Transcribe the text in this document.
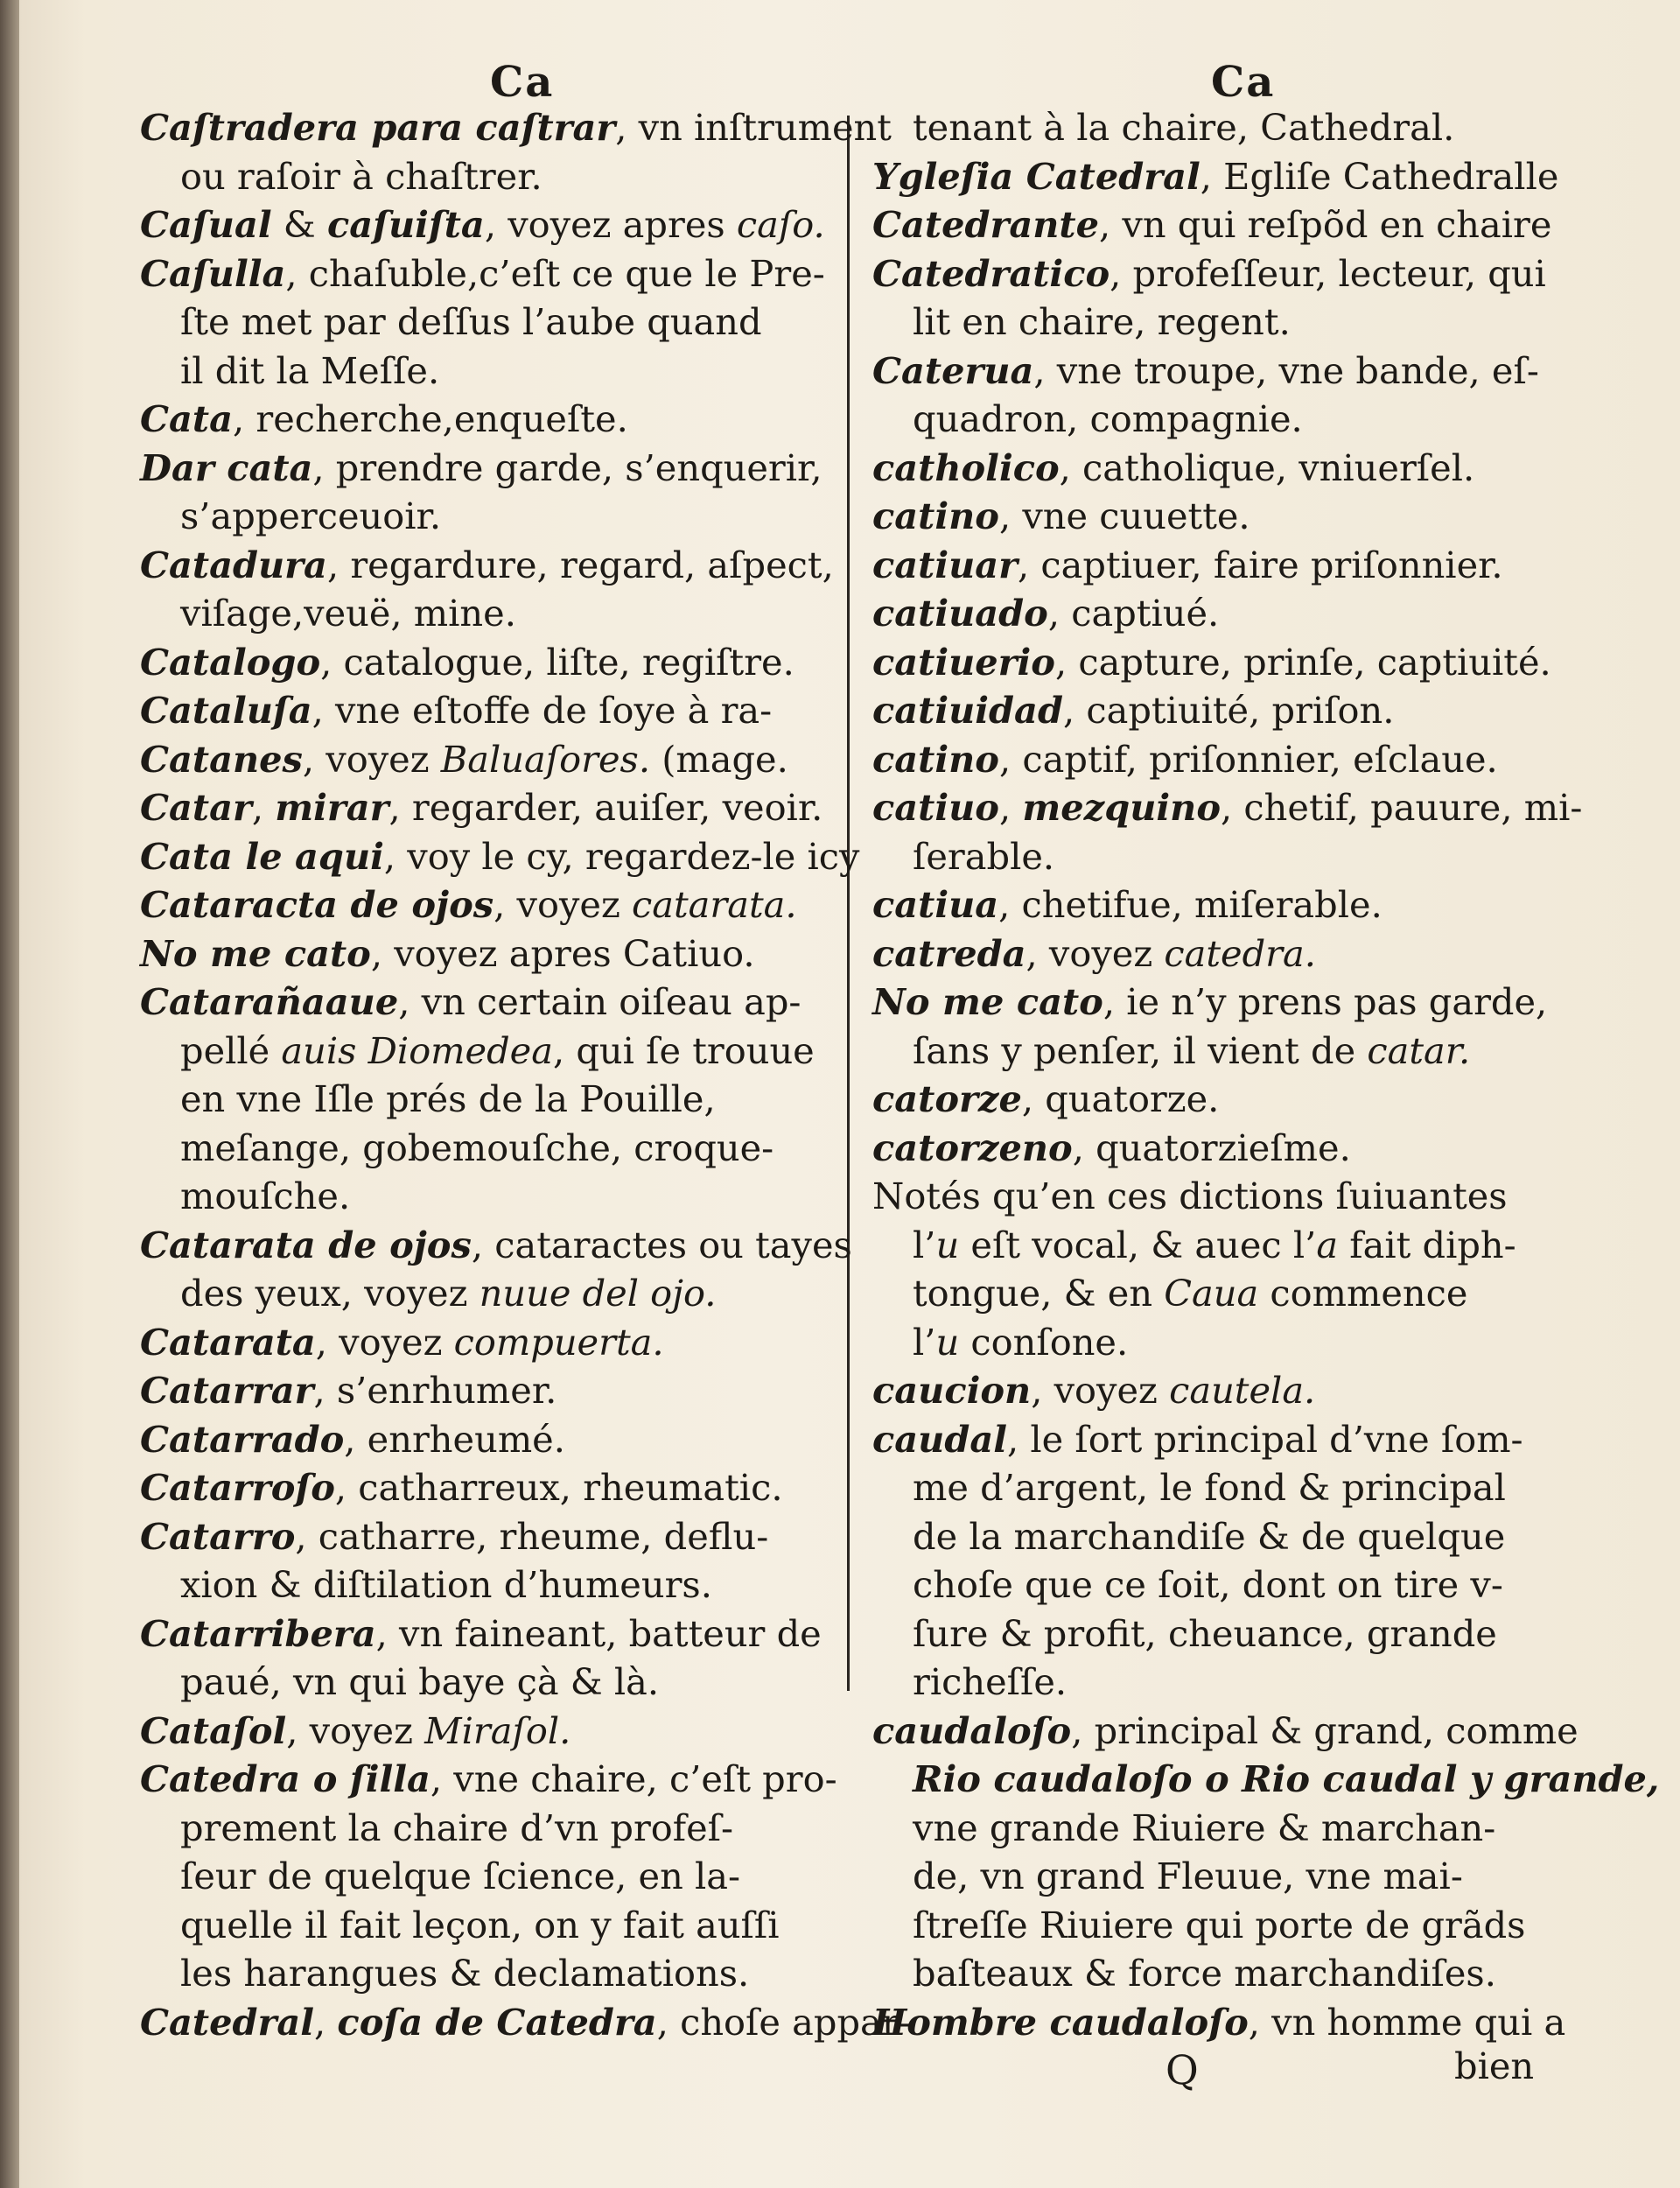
Ca	Ca

Caſtradera para caſtrar, vn inſtrument
ou raſoir à chaſtrer.

Caſual & caſuiſta, voyez apres caſo.

Caſulla, chaſuble,c’eſt ce que le Pre-
ſte met par deſſus l’aube quand
il dit la Meſſe.

Cata, recherche,enqueſte.

Dar cata, prendre garde, s’enquerir,
s’apperceuoir.

Catadura, regardure, regard, aſpect,
viſage,veuë, mine.

Catalogo, catalogue, liſte, regiſtre.

Cataluſa, vne eſtoffe de ſoye à ra-

Catanes, voyez Baluaſores. (mage.

Catar, mirar, regarder, auiſer, veoir.

Cata le aqui, voy le cy, regardez-le icy

Cataracta de ojos, voyez catarata.

No me cato, voyez apres Catiuo.

Catarañaaue, vn certain oiſeau ap-
pellé auis Diomedea, qui ſe trouue
en vne Iſle prés de la Pouille,
meſange, gobemouſche, croque-
mouſche.

Catarata de ojos, cataractes ou tayes
des yeux, voyez nuue del ojo.

Catarata, voyez compuerta.

Catarrar, s’enrhumer.

Catarrado, enrheumé.

Catarroſo, catharreux, rheumatic.

Catarro, catharre, rheume, deflu-
xion & diſtilation d’humeurs.

Catarribera, vn faineant, batteur de
paué, vn qui baye çà & là.

Cataſol, voyez Miraſol.

Catedra o ſilla, vne chaire, c’eſt pro-
prement la chaire d’vn profeſ-
ſeur de quelque ſcience, en la-
quelle il fait leçon, on y fait auſſi
les harangues & declamations.

Catedral, coſa de Catedra, choſe appar-

tenant à la chaire, Cathedral.

Ygleſia Catedral, Egliſe Cathedralle

Catedrante, vn qui reſpõd en chaire

Catedratico, profeſſeur, lecteur, qui
lit en chaire, regent.

Caterua, vne troupe, vne bande, eſ-
quadron, compagnie.

catholico, catholique, vniuerſel.

catino, vne cuuette.

catiuar, captiuer, faire priſonnier.

catiuado, captiué.

catiuerio, capture, prinſe, captiuité.

catiuidad, captiuité, priſon.

catino, captif, priſonnier, eſclaue.

catiuo, mezquino, chetif, pauure, mi-
ſerable.

catiua, chetifue, miſerable.

catreda, voyez catedra.

No me cato, ie n’y prens pas garde,
ſans y penſer, il vient de catar.

catorze, quatorze.

catorzeno, quatorzieſme.

Notés qu’en ces dictions ſuiuantes
l’u eſt vocal, & auec l’a fait diph-
tongue, & en Caua commence
l’u conſone.

caucion, voyez cautela.

caudal, le ſort principal d’vne ſom-
me d’argent, le fond & principal
de la marchandiſe & de quelque
choſe que ce ſoit, dont on tire v-
ſure & profit, cheuance, grande
richeſſe.

caudaloſo, principal & grand, comme
Rio caudaloſo o Rio caudal y grande,
vne grande Riuiere & marchan-
de, vn grand Fleuue, vne mai-
ſtreſſe Riuiere qui porte de grãds
baſteaux & force marchandiſes.

Hombre caudaloſo, vn homme qui a

Q	bien
